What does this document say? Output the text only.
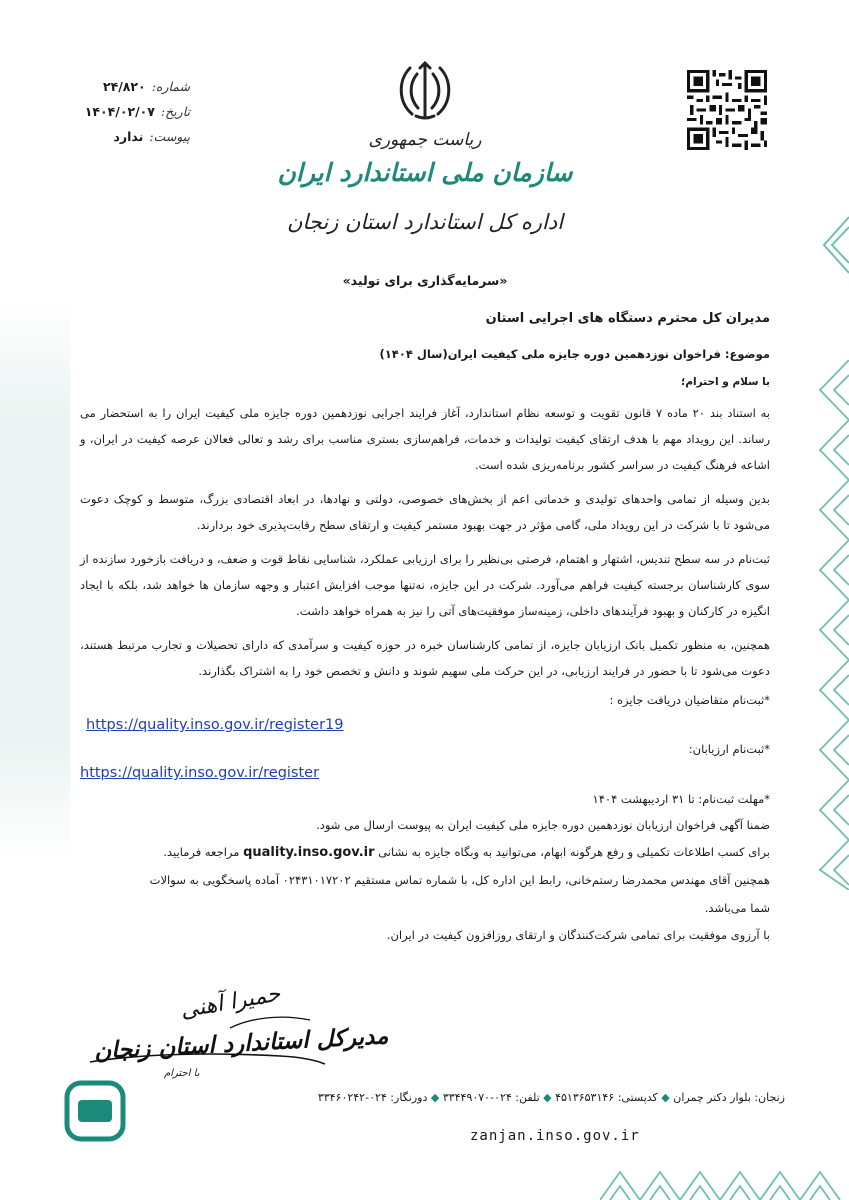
شماره:
۲۴/۸۲۰
تاریخ:
۱۴۰۴/۰۲/۰۷
پیوست:
ندارد	ریاست جمهوری
سازمان ملی استاندارد ایران
اداره کل استاندارد استان زنجان
«سرمایه‌گذاری برای تولید»
مدیران کل محترم دستگاه های اجرایی استان
موضوع: فراخوان نوزدهمین دوره جایزه ملی کیفیت ایران(سال ۱۴۰۴)
با سلام و احترام؛
به استناد بند ۲۰ ماده ۷ قانون تقویت و توسعه نظام استاندارد، آغاز فرایند اجرایی نوزدهمین دوره جایزه ملی کیفیت ایران را به استحضار می رساند. این رویداد مهم با هدف ارتقای کیفیت تولیدات و خدمات، فراهم‌سازی بستری مناسب برای رشد و تعالی فعالان عرصه کیفیت در ایران، و اشاعه فرهنگ کیفیت در سراسر کشور برنامه‌ریزی شده است.
بدین وسیله از تمامی واحدهای تولیدی و خدماتی اعم از بخش‌های خصوصی، دولتی و نهادها، در ابعاد اقتصادی بزرگ، متوسط و کوچک دعوت می‌شود تا با شرکت در این رویداد ملی، گامی مؤثر در جهت بهبود مستمر کیفیت و ارتقای سطح رقابت‌پذیری خود بردارند.
ثبت‌نام در سه سطح تندیس، اشتهار و اهتمام، فرصتی بی‌نظیر را برای ارزیابی عملکرد، شناسایی نقاط قوت و ضعف، و دریافت بازخورد سازنده از سوی کارشناسان برجسته کیفیت فراهم می‌آورد. شرکت در این جایزه، نه‌تنها موجب افزایش اعتبار و وجهه سازمان ها خواهد شد، بلکه با ایجاد انگیزه در کارکنان و بهبود فرآیندهای داخلی، زمینه‌ساز موفقیت‌های آتی را نیز به همراه خواهد داشت.
همچنین، به منظور تکمیل بانک ارزیابان جایزه، از تمامی کارشناسان خبره در حوزه کیفیت و سرآمدی که دارای تحصیلات و تجارب مرتبط هستند، دعوت می‌شود تا با حضور در فرایند ارزیابی، در این حرکت ملی سهیم شوند و دانش و تخصص خود را به اشتراک بگذارند.
*ثبت‌نام متقاضیان دریافت جایزه :
https://quality.inso.gov.ir/register19
*ثبت‌نام ارزیابان:
https://quality.inso.gov.ir/register
*مهلت ثبت‌نام: تا ۳۱ اردیبهشت ۱۴۰۴
ضمنا آگهی فراخوان ارزیابان نوزدهمین دوره جایزه ملی کیفیت ایران به پیوست ارسال می شود.
برای کسب اطلاعات تکمیلی و رفع هرگونه ابهام، می‌توانید به وبگاه جایزه به نشانی quality.inso.gov.ir مراجعه فرمایید.
همچنین آقای مهندس محمدرضا رستم‌خانی، رابط این اداره کل، با شماره تماس مستقیم ۰۲۴۳۱۰۱۷۲۰۲ آماده پاسخگویی به سوالات
شما می‌باشد.
با آرزوی موفقیت برای تمامی شرکت‌کنندگان و ارتقای روزافزون کیفیت در ایران.
حمیرا آهنی
مدیرکل استاندارد استان زنجان
با احترام
زنجان: بلوار دکتر چمران ◆ کدپستی: ۴۵۱۳۶۵۳۱۴۶ ◆ تلفن: ۰۲۴-۳۳۴۴۹۰۷۰ ◆ دورنگار: ۰۲۴-۳۳۴۶۰۲۴۲
zanjan.inso.gov.ir
